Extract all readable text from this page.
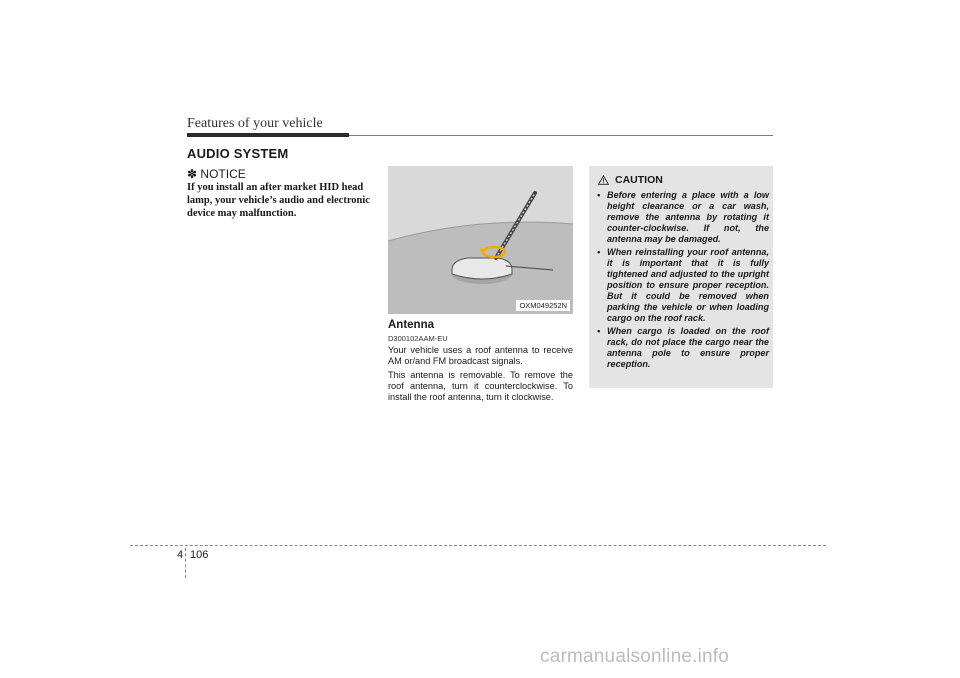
Features of your vehicle
AUDIO SYSTEM
✽ NOTICE
If you install an after market HID head lamp, your vehicle’s audio and electronic device may malfunction.
OXM049252N
Antenna
D300102AAM-EU
Your vehicle uses a roof antenna to receive AM or/and FM broadcast signals.
This antenna is removable. To remove the roof antenna, turn it counterclockwise. To install the roof antenna, turn it clockwise.
CAUTION
• Before entering a place with a low height clearance or a car wash, remove the antenna by rotating it counter-clockwise. If not, the antenna may be damaged.
• When reinstalling your roof antenna, it is important that it is fully tightened and adjusted to the upright position to ensure proper reception. But it could be removed when parking the vehicle or when loading cargo on the roof rack.
• When cargo is loaded on the roof rack, do not place the cargo near the antenna pole to ensure proper reception.
4 106
carmanualsonline.info
